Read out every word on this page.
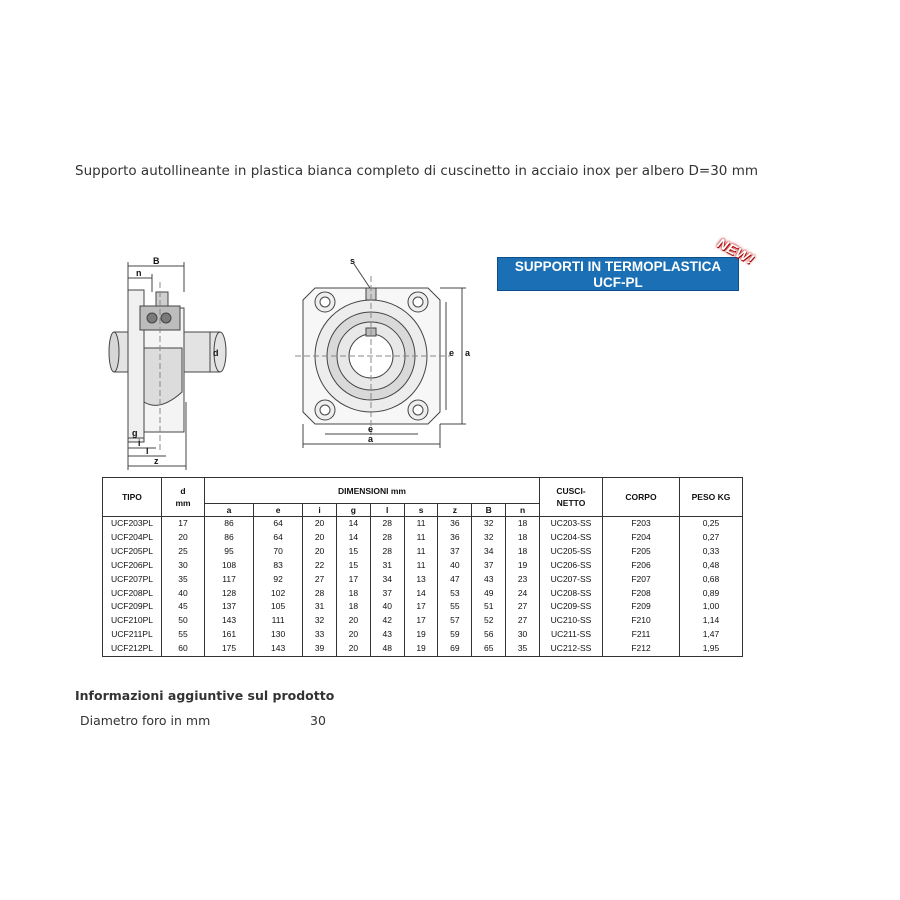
Supporto autollineante in plastica bianca completo di cuscinetto in acciaio inox per albero D=30 mm
B
n
d
g
i
l
z
s
e a
e
a
SUPPORTI IN TERMOPLASTICA
UCF-PL
NEW!
TIPO	d
mm	DIMENSIONI mm									CUSCI-
NETTO	CORPO	PESO KG
		a	e	i	g	l	s	z	B	n			
UCF203PL	17	86	64	20	14	28	11	36	32	18	UC203-SS	F203	0,25
UCF204PL	20	86	64	20	14	28	11	36	32	18	UC204-SS	F204	0,27
UCF205PL	25	95	70	20	15	28	11	37	34	18	UC205-SS	F205	0,33
UCF206PL	30	108	83	22	15	31	11	40	37	19	UC206-SS	F206	0,48
UCF207PL	35	117	92	27	17	34	13	47	43	23	UC207-SS	F207	0,68
UCF208PL	40	128	102	28	18	37	14	53	49	24	UC208-SS	F208	0,89
UCF209PL	45	137	105	31	18	40	17	55	51	27	UC209-SS	F209	1,00
UCF210PL	50	143	111	32	20	42	17	57	52	27	UC210-SS	F210	1,14
UCF211PL	55	161	130	33	20	43	19	59	56	30	UC211-SS	F211	1,47
UCF212PL	60	175	143	39	20	48	19	69	65	35	UC212-SS	F212	1,95
Informazioni aggiuntive sul prodotto
Diametro foro in mm	30
